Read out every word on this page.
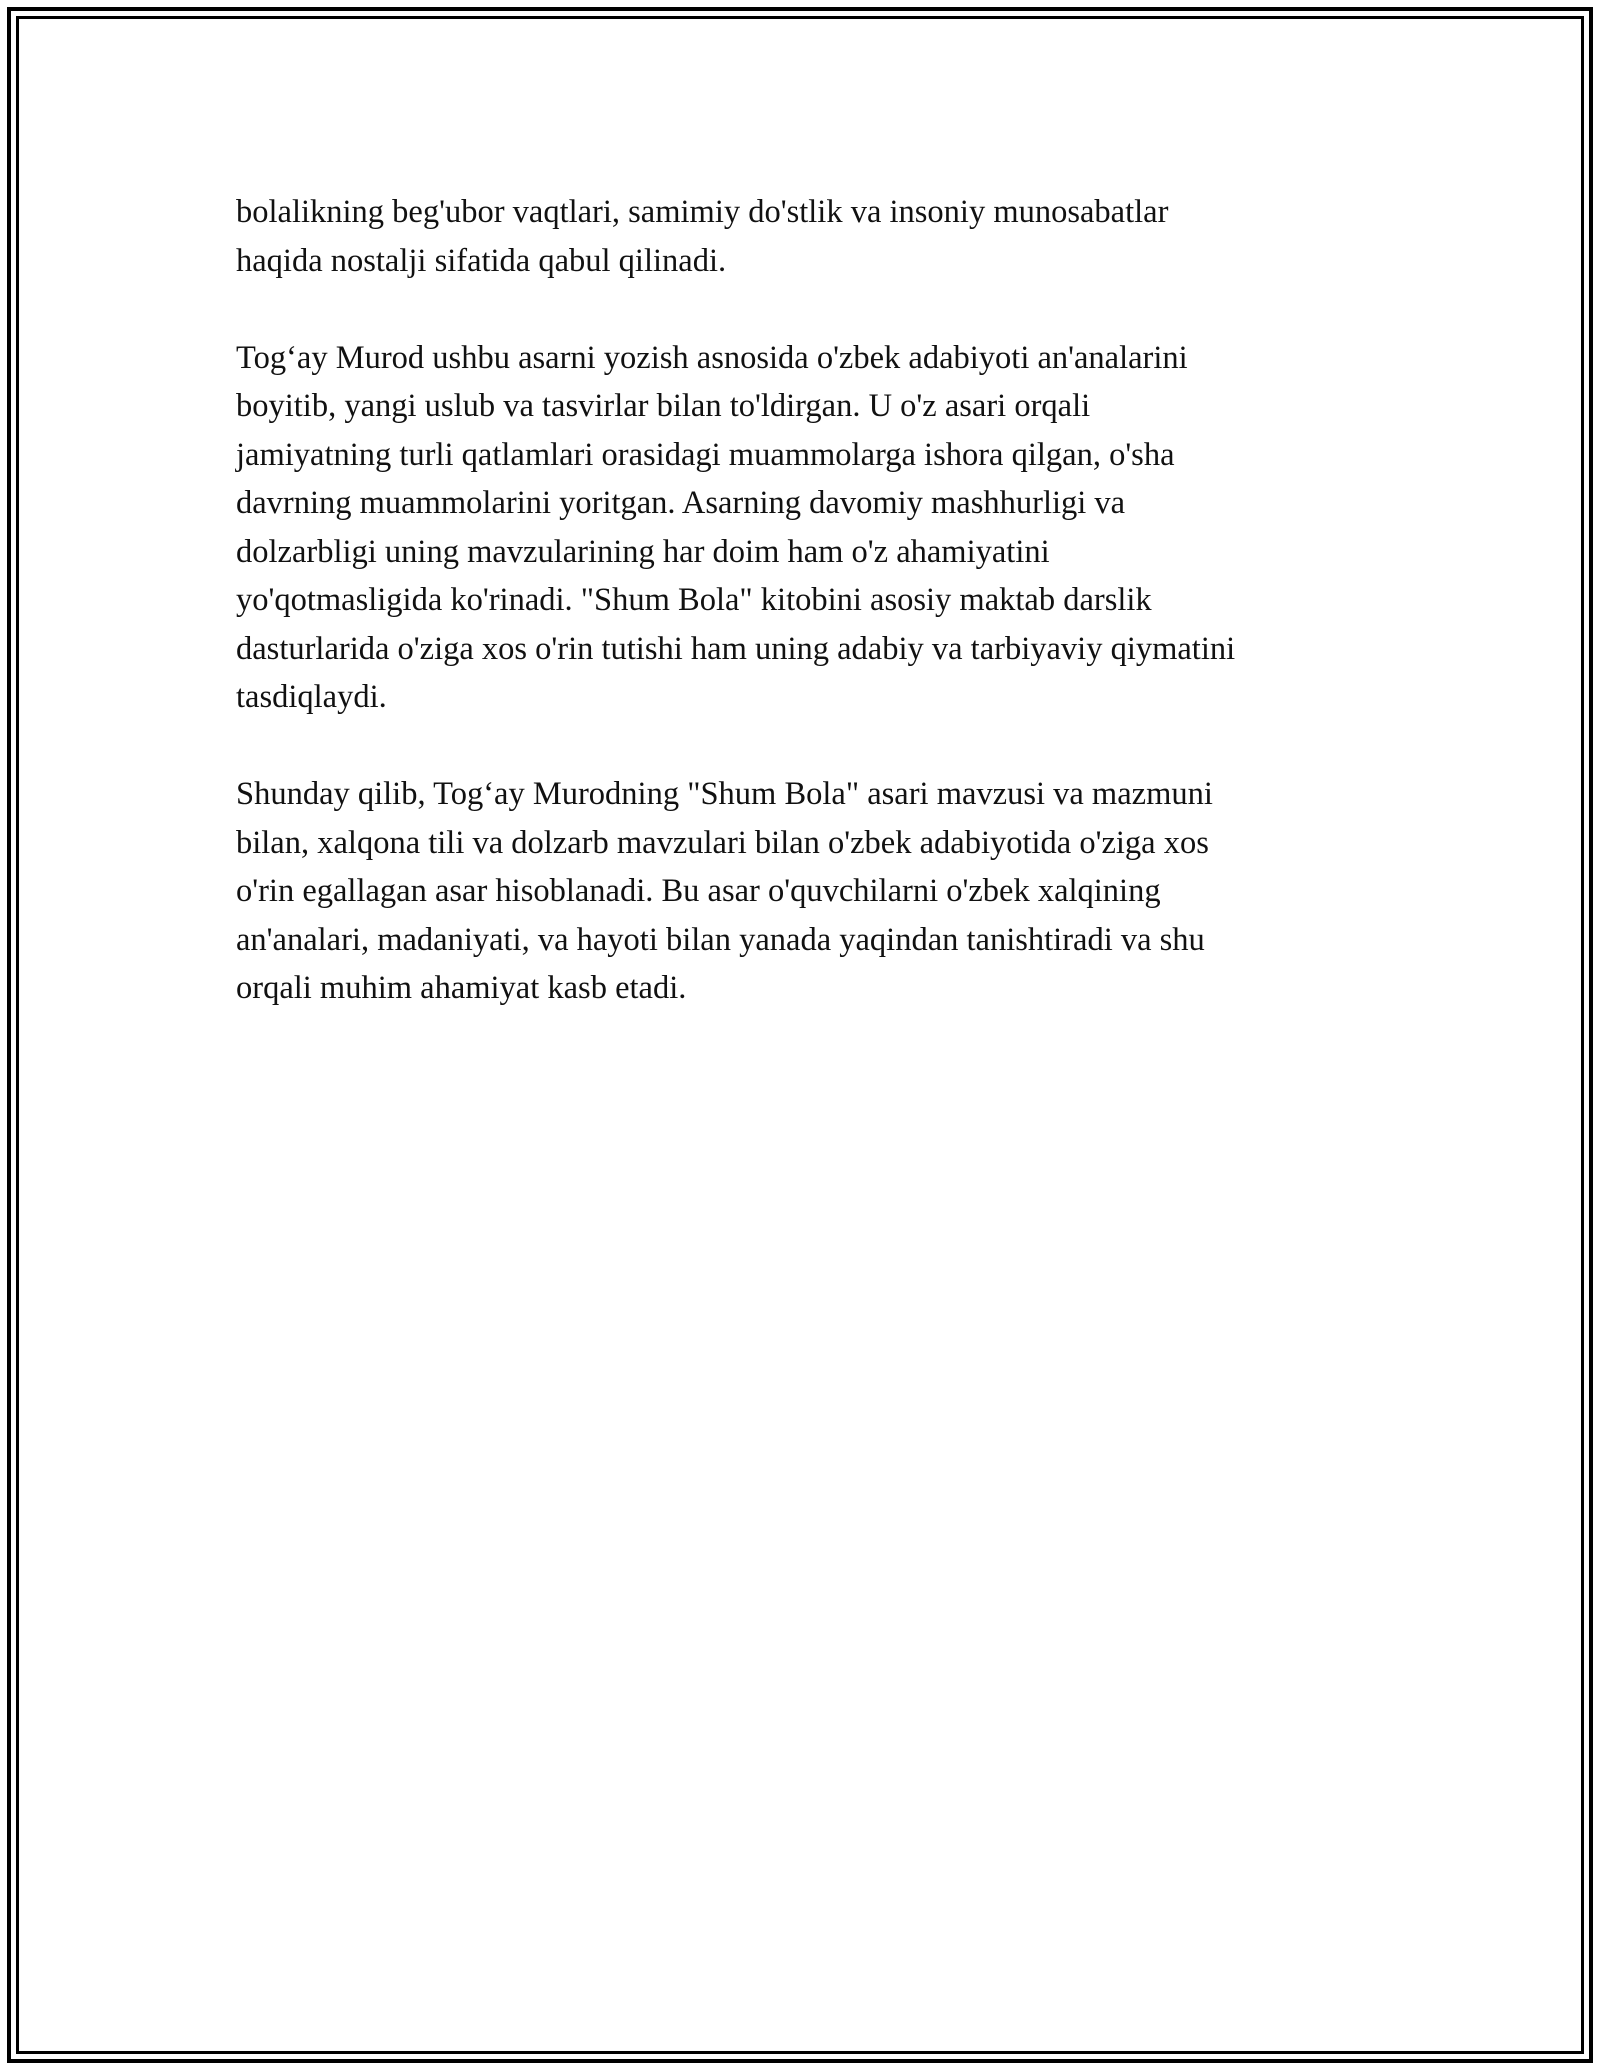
bolalikning beg'ubor vaqtlari, samimiy do'stlik va insoniy munosabatlar
haqida nostalji sifatida qabul qilinadi.

Tog‘ay Murod ushbu asarni yozish asnosida o'zbek adabiyoti an'analarini
boyitib, yangi uslub va tasvirlar bilan to'ldirgan. U o'z asari orqali
jamiyatning turli qatlamlari orasidagi muammolarga ishora qilgan, o'sha
davrning muammolarini yoritgan. Asarning davomiy mashhurligi va
dolzarbligi uning mavzularining har doim ham o'z ahamiyatini
yo'qotmasligida ko'rinadi. "Shum Bola" kitobini asosiy maktab darslik
dasturlarida o'ziga xos o'rin tutishi ham uning adabiy va tarbiyaviy qiymatini
tasdiqlaydi.

Shunday qilib, Tog‘ay Murodning "Shum Bola" asari mavzusi va mazmuni
bilan, xalqona tili va dolzarb mavzulari bilan o'zbek adabiyotida o'ziga xos
o'rin egallagan asar hisoblanadi. Bu asar o'quvchilarni o'zbek xalqining
an'analari, madaniyati, va hayoti bilan yanada yaqindan tanishtiradi va shu
orqali muhim ahamiyat kasb etadi.
